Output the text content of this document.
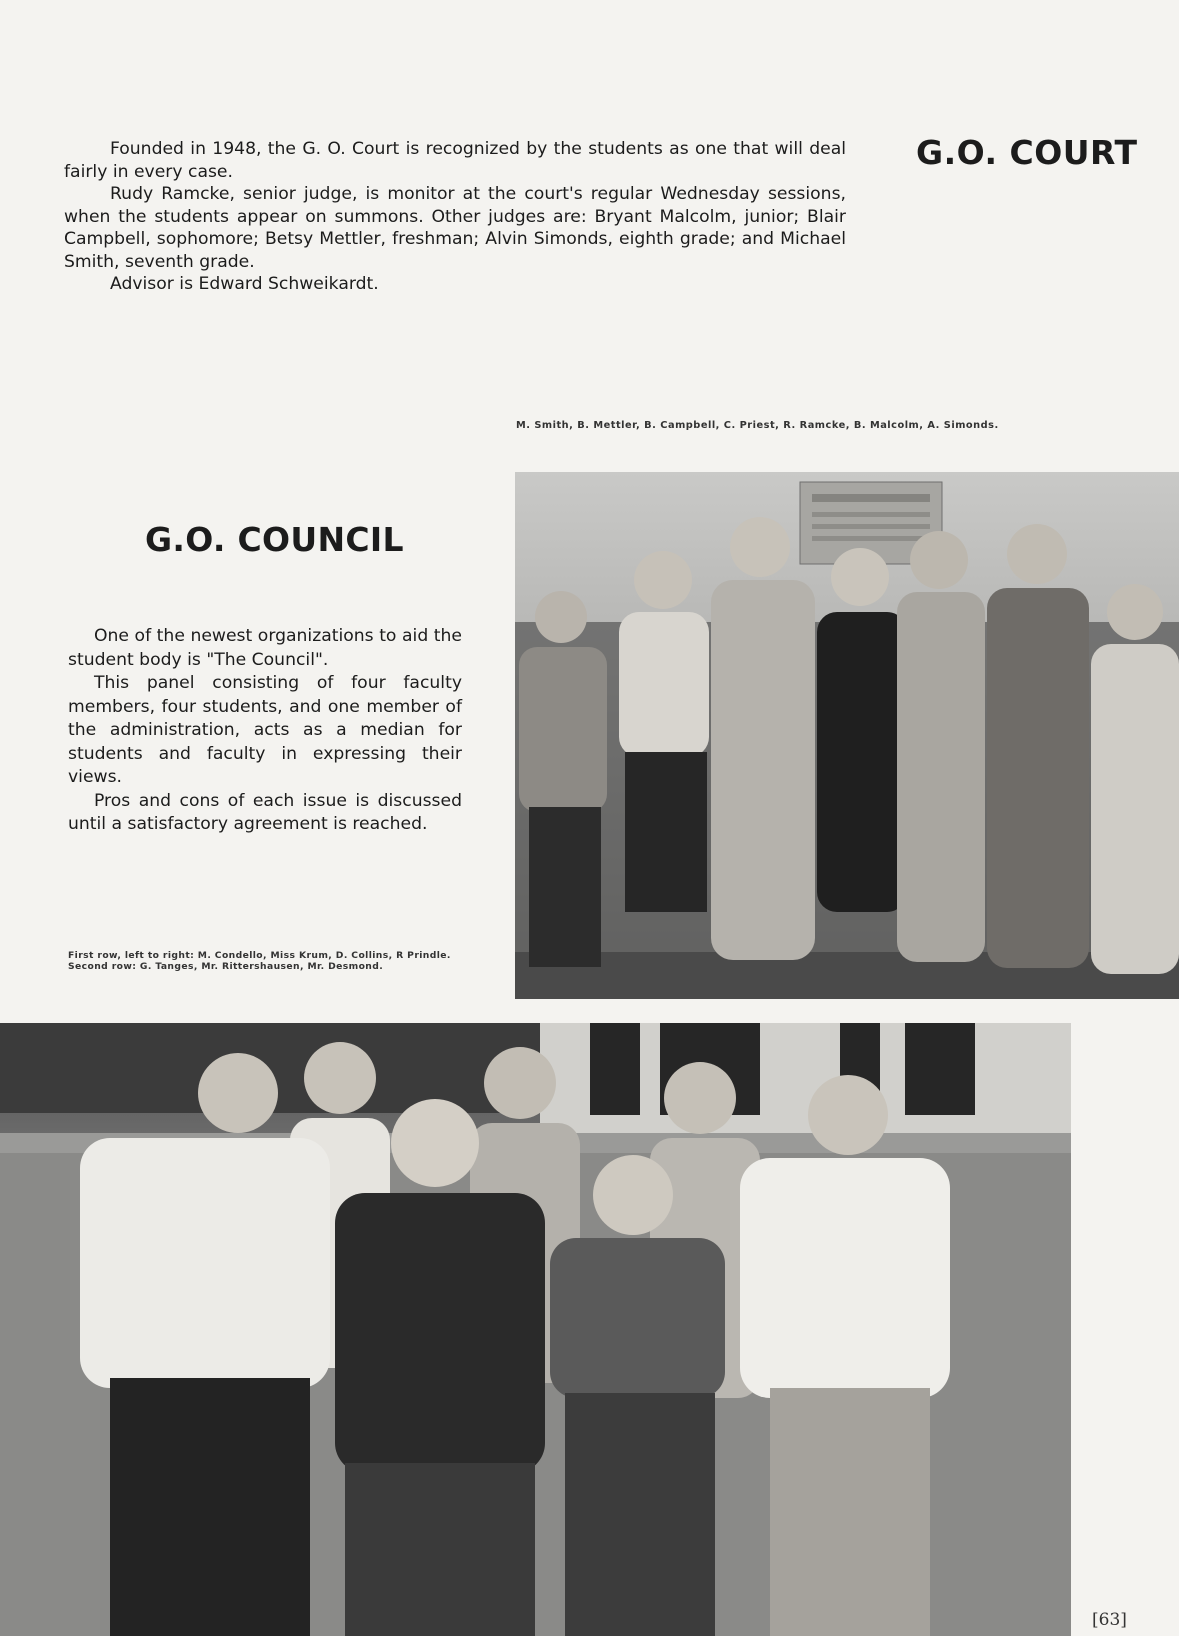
Founded in 1948, the G. O. Court is recognized by the students as one that will deal fairly in every case.

Rudy Ramcke, senior judge, is monitor at the court's regular Wednesday sessions, when the students appear on summons. Other judges are: Bryant Malcolm, junior; Blair Campbell, sophomore; Betsy Mettler, freshman; Alvin Simonds, eighth grade; and Michael Smith, seventh grade.

Advisor is Edward Schweikardt.

G.O. COURT
M. Smith, B. Mettler, B. Campbell, C. Priest, R. Ramcke, B. Malcolm, A. Simonds.
G.O. COUNCIL

One of the newest organizations to aid the student body is "The Council".

This panel consisting of four faculty members, four students, and one member of the administration, acts as a median for students and faculty in expressing their views.

Pros and cons of each issue is discussed until a satisfactory agreement is reached.

First row, left to right: M. Condello, Miss Krum, D. Collins, R Prindle. Second row: G. Tanges, Mr. Rittershausen, Mr. Desmond.
[63]
